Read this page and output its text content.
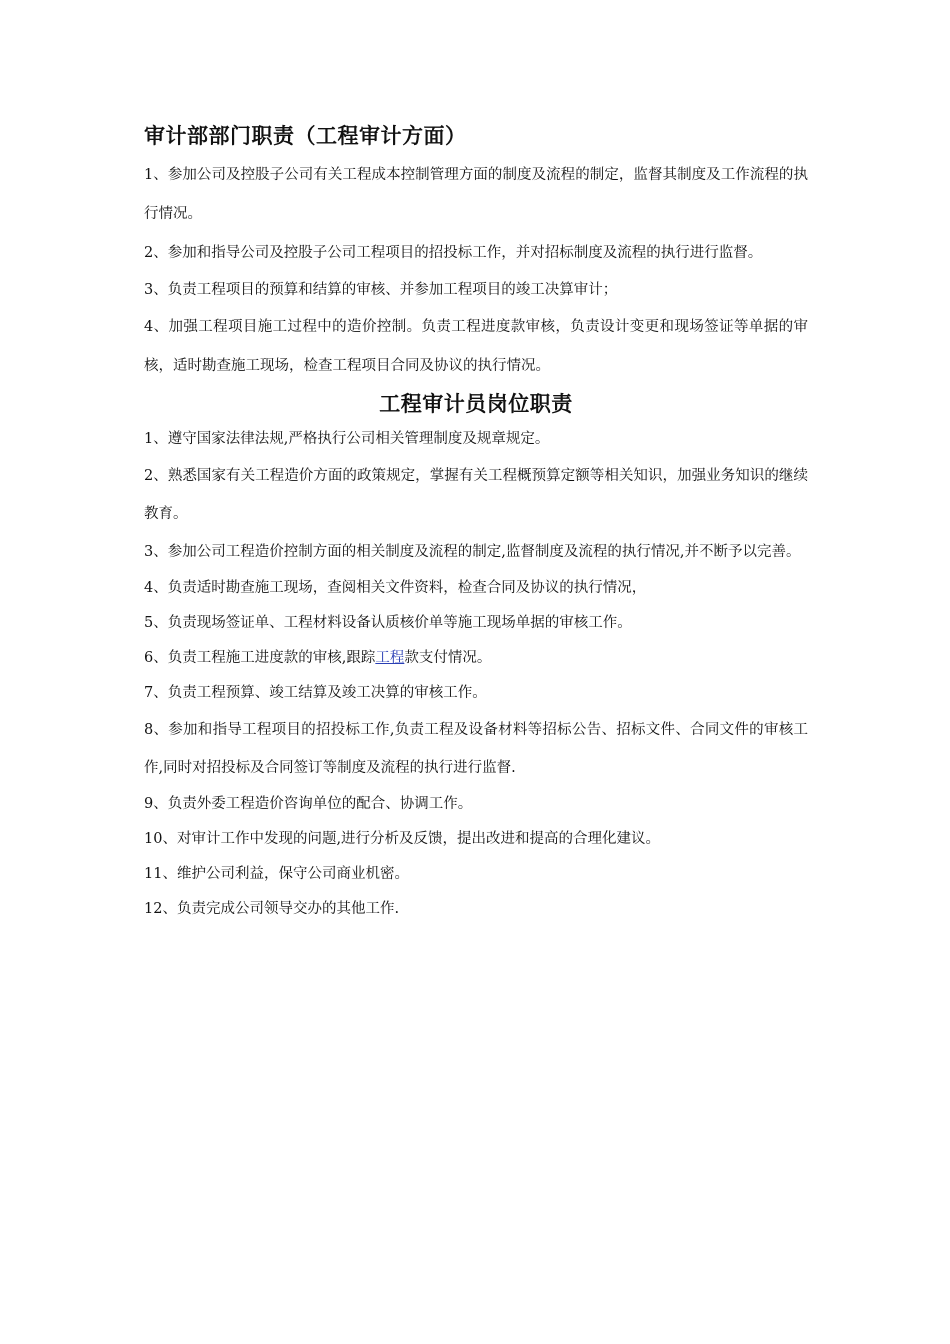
审计部部门职责（工程审计方面）

1、参加公司及控股子公司有关工程成本控制管理方面的制度及流程的制定，监督其制度及工作流程的执行情况。

2、参加和指导公司及控股子公司工程项目的招投标工作，并对招标制度及流程的执行进行监督。

3、负责工程项目的预算和结算的审核、并参加工程项目的竣工决算审计；

4、加强工程项目施工过程中的造价控制。负责工程进度款审核，负责设计变更和现场签证等单据的审核，适时勘查施工现场，检查工程项目合同及协议的执行情况。

工程审计员岗位职责

1、遵守国家法律法规,严格执行公司相关管理制度及规章规定。

2、熟悉国家有关工程造价方面的政策规定，掌握有关工程概预算定额等相关知识，加强业务知识的继续教育。

3、参加公司工程造价控制方面的相关制度及流程的制定,监督制度及流程的执行情况,并不断予以完善。

4、负责适时勘查施工现场，查阅相关文件资料，检查合同及协议的执行情况，

5、负责现场签证单、工程材料设备认质核价单等施工现场单据的审核工作。

6、负责工程施工进度款的审核,跟踪工程款支付情况。

7、负责工程预算、竣工结算及竣工决算的审核工作。

8、参加和指导工程项目的招投标工作,负责工程及设备材料等招标公告、招标文件、合同文件的审核工作,同时对招投标及合同签订等制度及流程的执行进行监督.

9、负责外委工程造价咨询单位的配合、协调工作。

10、对审计工作中发现的问题,进行分析及反馈，提出改进和提高的合理化建议。

11、维护公司利益，保守公司商业机密。

12、负责完成公司领导交办的其他工作.
